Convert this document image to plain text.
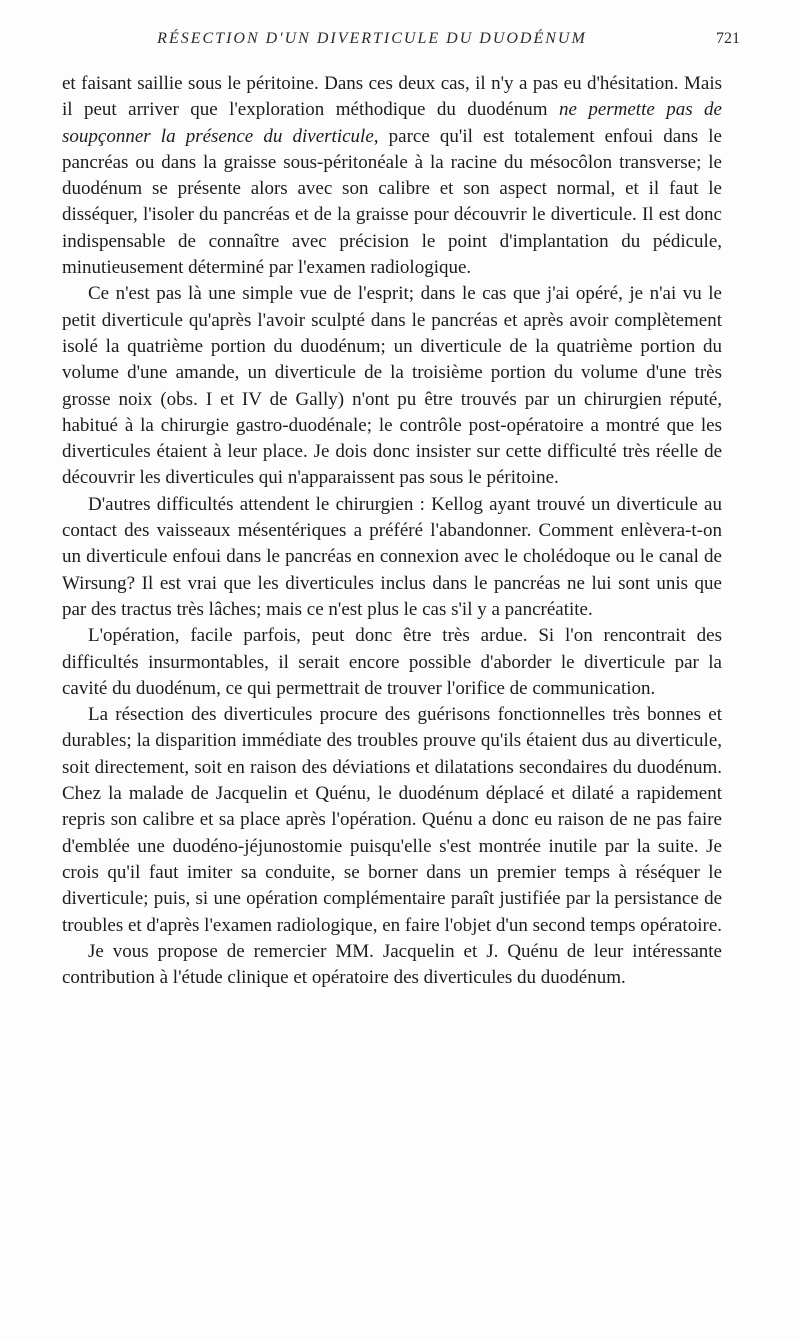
RÉSECTION D'UN DIVERTICULE DU DUODÉNUM	721

et faisant saillie sous le péritoine. Dans ces deux cas, il n'y a pas eu d'hésitation. Mais il peut arriver que l'exploration méthodique du duodénum ne permette pas de soupçonner la présence du diverticule, parce qu'il est totalement enfoui dans le pancréas ou dans la graisse sous-péritonéale à la racine du mésocôlon transverse; le duodénum se présente alors avec son calibre et son aspect normal, et il faut le disséquer, l'isoler du pancréas et de la graisse pour découvrir le diverticule. Il est donc indispensable de connaître avec précision le point d'implantation du pédicule, minutieusement déterminé par l'examen radiologique.

Ce n'est pas là une simple vue de l'esprit; dans le cas que j'ai opéré, je n'ai vu le petit diverticule qu'après l'avoir sculpté dans le pancréas et après avoir complètement isolé la quatrième portion du duodénum; un diverticule de la quatrième portion du volume d'une amande, un diverticule de la troisième portion du volume d'une très grosse noix (obs. I et IV de Gally) n'ont pu être trouvés par un chirurgien réputé, habitué à la chirurgie gastro-duodénale; le contrôle post-opératoire a montré que les diverticules étaient à leur place. Je dois donc insister sur cette difficulté très réelle de découvrir les diverticules qui n'apparaissent pas sous le péritoine.

D'autres difficultés attendent le chirurgien : Kellog ayant trouvé un diverticule au contact des vaisseaux mésentériques a préféré l'abandonner. Comment enlèvera-t-on un diverticule enfoui dans le pancréas en connexion avec le cholédoque ou le canal de Wirsung? Il est vrai que les diverticules inclus dans le pancréas ne lui sont unis que par des tractus très lâches; mais ce n'est plus le cas s'il y a pancréatite.

L'opération, facile parfois, peut donc être très ardue. Si l'on rencontrait des difficultés insurmontables, il serait encore possible d'aborder le diverticule par la cavité du duodénum, ce qui permettrait de trouver l'orifice de communication.

La résection des diverticules procure des guérisons fonctionnelles très bonnes et durables; la disparition immédiate des troubles prouve qu'ils étaient dus au diverticule, soit directement, soit en raison des déviations et dilatations secondaires du duodénum. Chez la malade de Jacquelin et Quénu, le duodénum déplacé et dilaté a rapidement repris son calibre et sa place après l'opération. Quénu a donc eu raison de ne pas faire d'emblée une duodéno-jéjunostomie puisqu'elle s'est montrée inutile par la suite. Je crois qu'il faut imiter sa conduite, se borner dans un premier temps à réséquer le diverticule; puis, si une opération complémentaire paraît justifiée par la persistance de troubles et d'après l'examen radiologique, en faire l'objet d'un second temps opératoire.

Je vous propose de remercier MM. Jacquelin et J. Quénu de leur intéressante contribution à l'étude clinique et opératoire des diverticules du duodénum.
